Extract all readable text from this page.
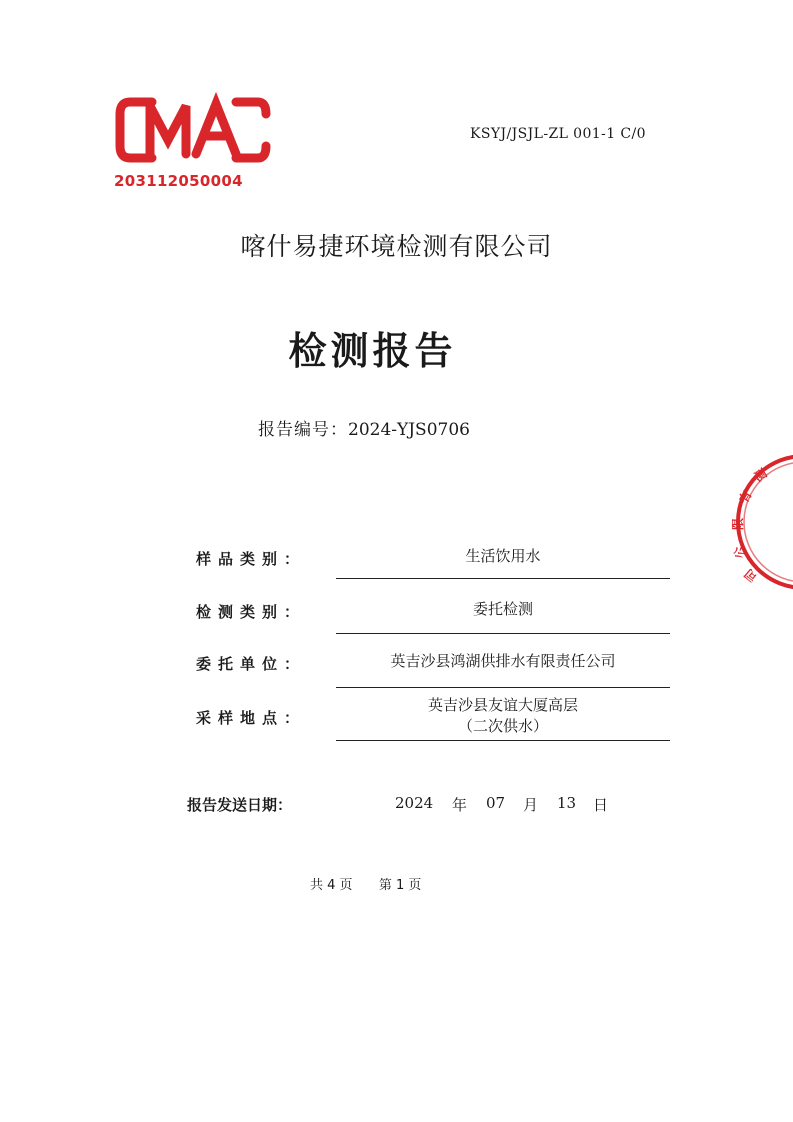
203112050004
KSYJ/JSJL-ZL 001-1 C/0
喀什易捷环境检测有限公司
检测报告
报告编号：2024-YJS0706
测
有
限
公
司
样品类别：	生活饮用水
检测类别：	委托检测
委托单位：	英吉沙县鸿湖供排水有限责任公司
采样地点：
英吉沙县友谊大厦高层
（二次供水）
报告发送日期：	2024 年 07 月 13 日
共 4 页 第 1 页
